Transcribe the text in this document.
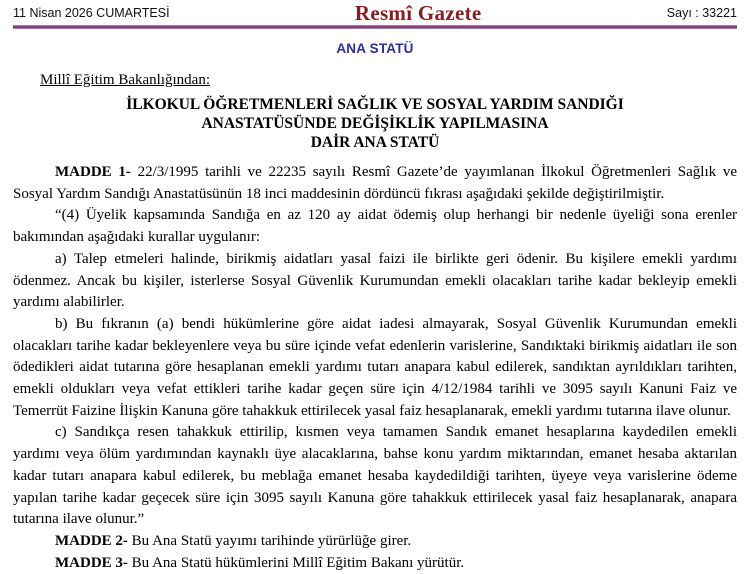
11 Nisan 2026 CUMARTESİ	Resmî Gazete	Sayı : 33221
ANA STATÜ
Millî Eğitim Bakanlığından:
İLKOKUL ÖĞRETMENLERİ SAĞLIK VE SOSYAL YARDIM SANDIĞI
ANASTATÜSÜNDE DEĞİŞİKLİK YAPILMASINA
DAİR ANA STATÜ

MADDE 1- 22/3/1995 tarihli ve 22235 sayılı Resmî Gazete’de yayımlanan İlkokul Öğretmenleri Sağlık ve Sosyal Yardım Sandığı Anastatüsünün 18 inci maddesinin dördüncü fıkrası aşağıdaki şekilde değiştirilmiştir.

“(4) Üyelik kapsamında Sandığa en az 120 ay aidat ödemiş olup herhangi bir nedenle üyeliği sona erenler bakımından aşağıdaki kurallar uygulanır:

a) Talep etmeleri halinde, birikmiş aidatları yasal faizi ile birlikte geri ödenir. Bu kişilere emekli yardımı ödenmez. Ancak bu kişiler, isterlerse Sosyal Güvenlik Kurumundan emekli olacakları tarihe kadar bekleyip emekli yardımı alabilirler.

b) Bu fıkranın (a) bendi hükümlerine göre aidat iadesi almayarak, Sosyal Güvenlik Kurumundan emekli olacakları tarihe kadar bekleyenlere veya bu süre içinde vefat edenlerin varislerine, Sandıktaki birikmiş aidatları ile son ödedikleri aidat tutarına göre hesaplanan emekli yardımı tutarı anapara kabul edilerek, sandıktan ayrıldıkları tarihten, emekli oldukları veya vefat ettikleri tarihe kadar geçen süre için 4/12/1984 tarihli ve 3095 sayılı Kanuni Faiz ve Temerrüt Faizine İlişkin Kanuna göre tahakkuk ettirilecek yasal faiz hesaplanarak, emekli yardımı tutarına ilave olunur.

c) Sandıkça resen tahakkuk ettirilip, kısmen veya tamamen Sandık emanet hesaplarına kaydedilen emekli yardımı veya ölüm yardımından kaynaklı üye alacaklarına, bahse konu yardım miktarından, emanet hesaba aktarılan kadar tutarı anapara kabul edilerek, bu meblağa emanet hesaba kaydedildiği tarihten, üyeye veya varislerine ödeme yapılan tarihe kadar geçecek süre için 3095 sayılı Kanuna göre tahakkuk ettirilecek yasal faiz hesaplanarak, anapara tutarına ilave olunur.”

MADDE 2- Bu Ana Statü yayımı tarihinde yürürlüğe girer.

MADDE 3- Bu Ana Statü hükümlerini Millî Eğitim Bakanı yürütür.
